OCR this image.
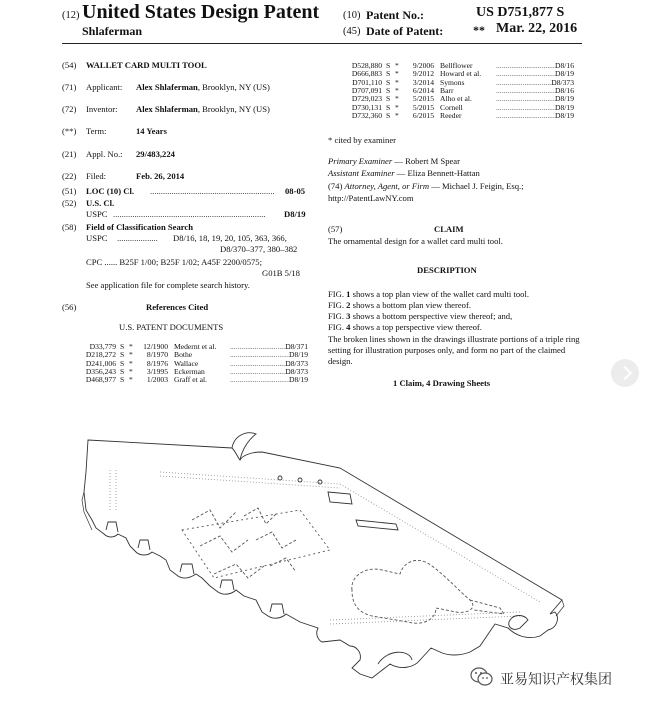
(12) United States Design Patent
Shlaferman
(10) Patent No.:	US D751,877 S
(45) Date of Patent: ** Mar. 22, 2016
(54)	WALLET CARD MULTI TOOL
(71)	Applicant: Alex Shlaferman, Brooklyn, NY (US)
(72)	Inventor: Alex Shlaferman, Brooklyn, NY (US)
(**)	Term:	14 Years
(21)	Appl. No.: 29/483,224
(22)	Filed:	Feb. 26, 2014
(51)	LOC (10) Cl. .......................................................... 08-05
(52)	U.S. Cl.
USPC ....................................................................... D8/19
(58)	Field of Classification Search
USPC ................... D8/16, 18, 19, 20, 105, 363, 366,
D8/370–377, 380–382
CPC ...... B25F 1/00; B25F 1/02; A45F 2200/0575;
G01B 5/18
See application file for complete search history.
(56)	References Cited
U.S. PATENT DOCUMENTS
D33,779 S *	12/1900 Medernt et al.	D8/371
................................
D218,272 S *	8/1970 Bothe	D8/19
................................
D241,006 S *	8/1976 Wallace	D8/373
................................
D356,243 S *	3/1995 Eckerman	D8/373
................................
D468,977 S *	1/2003 Graff et al.	D8/19
................................
D528,880 S *	9/2006 Bellflower	D8/16
................................
D666,883 S *	9/2012 Howard et al.	D8/19
................................
D701,110 S *	3/2014 Symons	D8/373
................................
D707,091 S *	6/2014 Barr	D8/16
................................
D729,023 S *	5/2015 Alho et al.	D8/19
................................
D730,131 S *	5/2015 Cornell	D8/19
................................
D732,360 S *	6/2015 Reeder	D8/19
................................
* cited by examiner
Primary Examiner — Robert M Spear
Assistant Examiner — Eliza Bennett-Hattan
(74) Attorney, Agent, or Firm — Michael J. Feigin, Esq.;
http://PatentLawNY.com
(57)	CLAIM
The ornamental design for a wallet card multi tool.
DESCRIPTION
FIG. 1 shows a top plan view of the wallet card multi tool.
FIG. 2 shows a bottom plan view thereof.
FIG. 3 shows a bottom perspective view thereof; and,
FIG. 4 shows a top perspective view thereof.
The broken lines shown in the drawings illustrate portions of a triple ring setting for illustration purposes only, and form no part of the claimed design.
1 Claim, 4 Drawing Sheets
亚易知识产权集团
